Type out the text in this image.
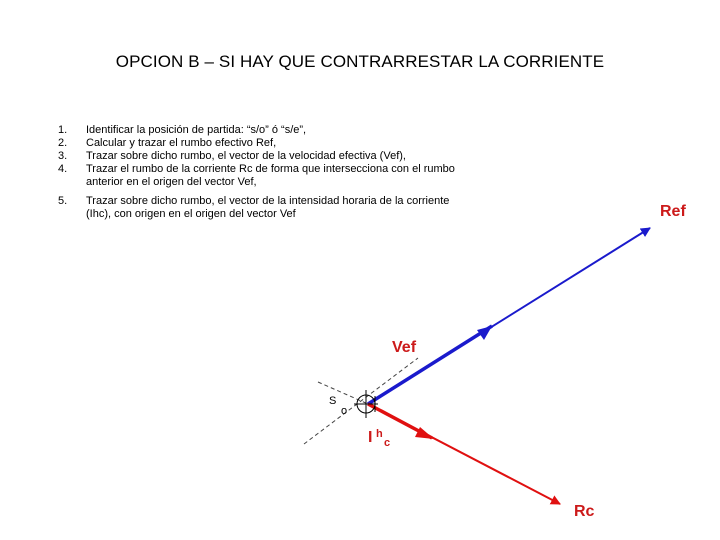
OPCION B – SI HAY QUE CONTRARRESTAR LA CORRIENTE
1.	Identificar la posición de partida: “s/o” ó “s/e”,
2.	Calcular y trazar el rumbo efectivo Ref,
3.	Trazar sobre dicho rumbo, el vector de la velocidad efectiva (Vef),
4.	Trazar el rumbo de la corriente Rc de forma que intersecciona con el rumbo anterior en el origen del vector Vef,
5.	Trazar sobre dicho rumbo, el vector de la intensidad horaria de la corriente (Ihc), con origen en el origen del vector Vef
S
o
Ref
Vef
Rc
I h
c
